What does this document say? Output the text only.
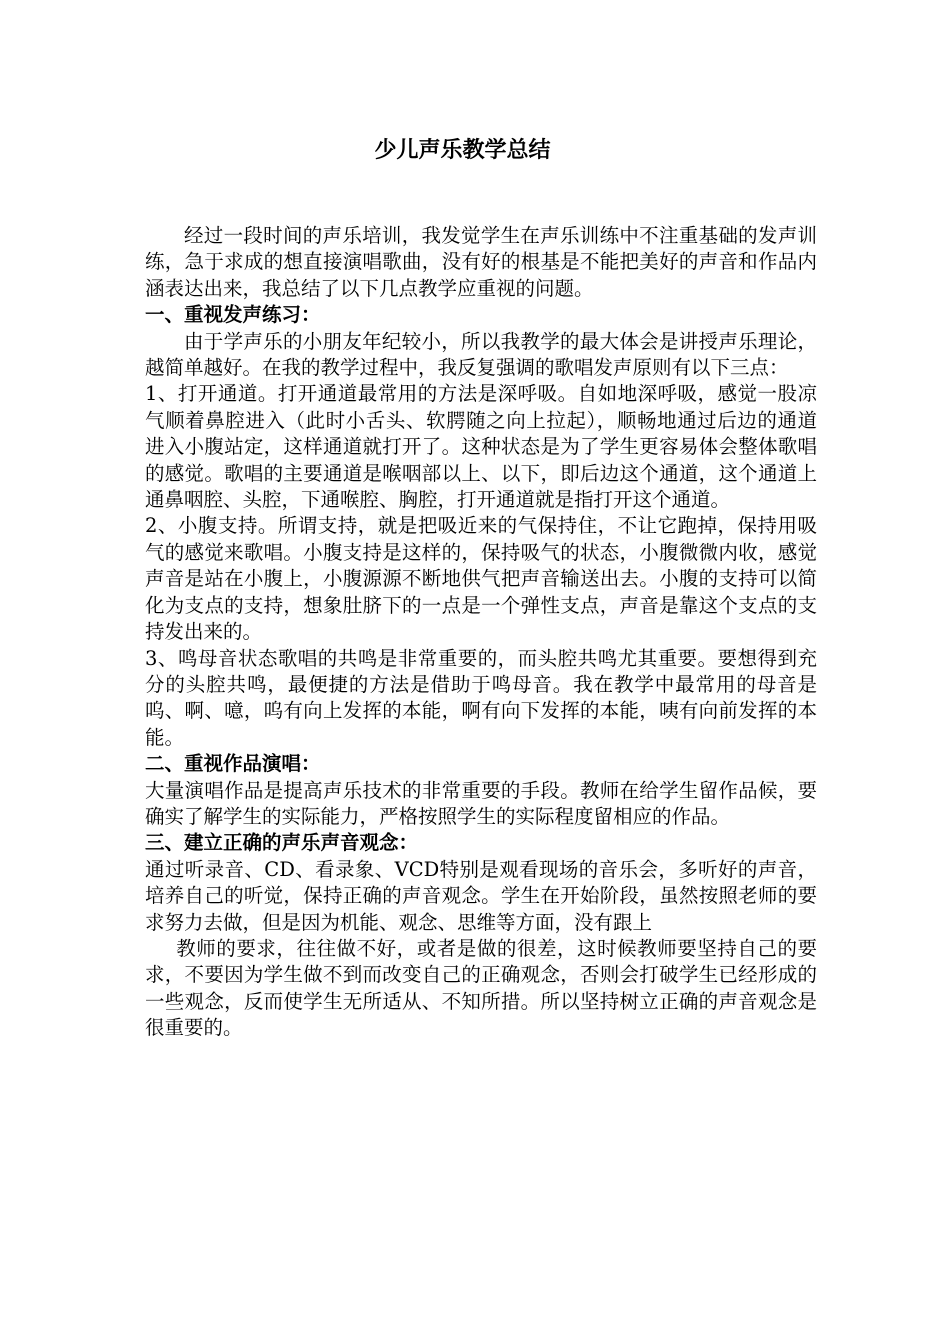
少儿声乐教学总结

经过一段时间的声乐培训，我发觉学生在声乐训练中不注重基础的发声训练，急于求成的想直接演唱歌曲，没有好的根基是不能把美好的声音和作品内涵表达出来，我总结了以下几点教学应重视的问题。

一、重视发声练习：

由于学声乐的小朋友年纪较小，所以我教学的最大体会是讲授声乐理论，越简单越好。在我的教学过程中，我反复强调的歌唱发声原则有以下三点：

1、打开通道。打开通道最常用的方法是深呼吸。自如地深呼吸，感觉一股凉气顺着鼻腔进入（此时小舌头、软腭随之向上拉起），顺畅地通过后边的通道进入小腹站定，这样通道就打开了。这种状态是为了学生更容易体会整体歌唱的感觉。歌唱的主要通道是喉咽部以上、以下，即后边这个通道，这个通道上通鼻咽腔、头腔，下通喉腔、胸腔，打开通道就是指打开这个通道。

2、小腹支持。所谓支持，就是把吸近来的气保持住，不让它跑掉，保持用吸气的感觉来歌唱。小腹支持是这样的，保持吸气的状态，小腹微微内收，感觉声音是站在小腹上，小腹源源不断地供气把声音输送出去。小腹的支持可以简化为支点的支持，想象肚脐下的一点是一个弹性支点，声音是靠这个支点的支持发出来的。

3、鸣母音状态歌唱的共鸣是非常重要的，而头腔共鸣尤其重要。要想得到充分的头腔共鸣，最便捷的方法是借助于鸣母音。我在教学中最常用的母音是呜、啊、噫，呜有向上发挥的本能，啊有向下发挥的本能，咦有向前发挥的本能。

二、重视作品演唱：

大量演唱作品是提高声乐技术的非常重要的手段。教师在给学生留作品候，要确实了解学生的实际能力，严格按照学生的实际程度留相应的作品。

三、建立正确的声乐声音观念：

通过听录音、CD、看录象、VCD特别是观看现场的音乐会，多听好的声音，培养自己的听觉，保持正确的声音观念。学生在开始阶段，虽然按照老师的要求努力去做，但是因为机能、观念、思维等方面，没有跟上

教师的要求，往往做不好，或者是做的很差，这时候教师要坚持自己的要求，不要因为学生做不到而改变自己的正确观念，否则会打破学生已经形成的一些观念，反而使学生无所适从、不知所措。所以坚持树立正确的声音观念是很重要的。
